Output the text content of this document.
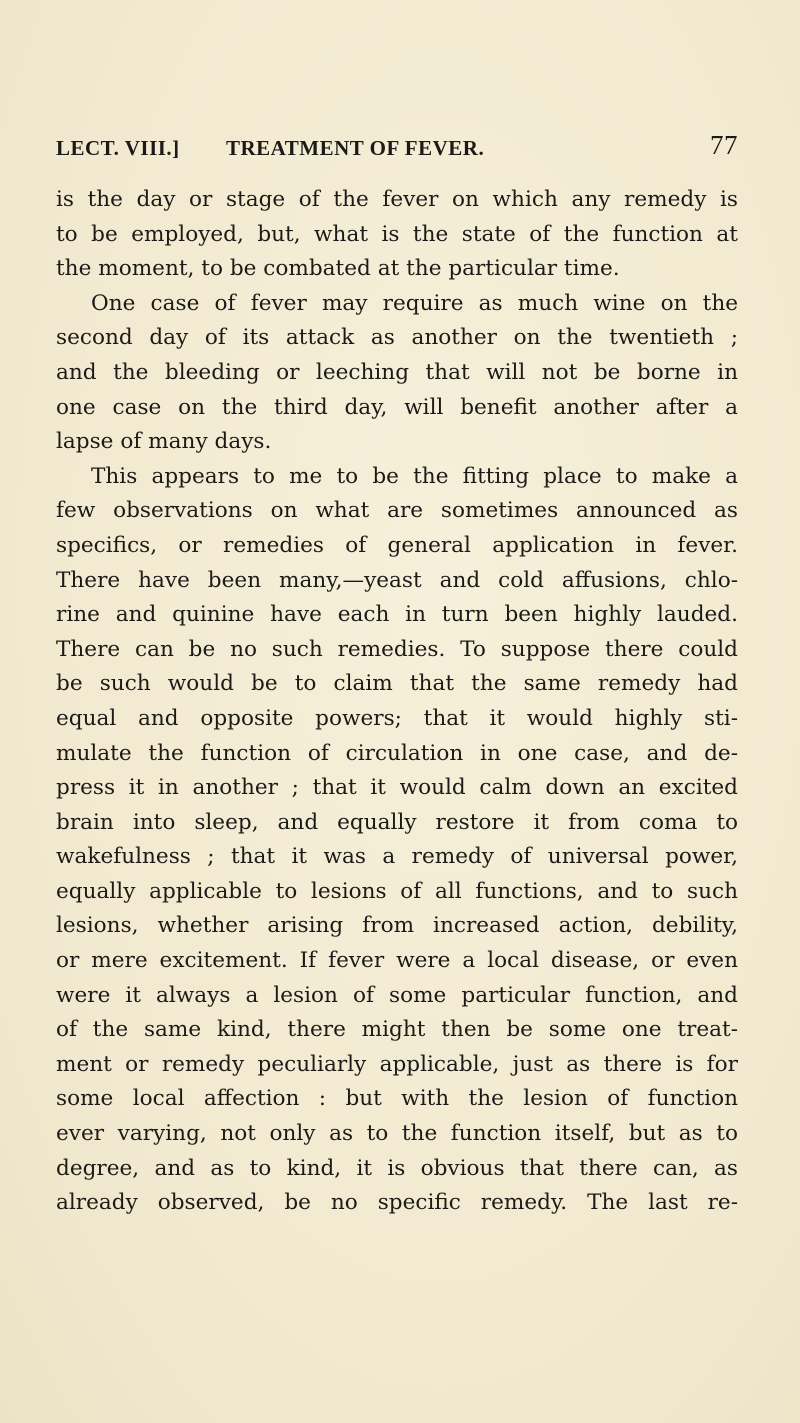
LECT. VIII.] TREATMENT OF FEVER.	77
is the day or stage of the fever on which any remedy is
to be employed, but, what is the state of the function at
the moment, to be combated at the particular time.
One case of fever may require as much wine on the
second day of its attack as another on the twentieth ;
and the bleeding or leeching that will not be borne in
one case on the third day, will benefit another after a
lapse of many days.
This appears to me to be the fitting place to make a
few observations on what are sometimes announced as
specifics, or remedies of general application in fever.
There have been many,—yeast and cold affusions, chlo-
rine and quinine have each in turn been highly lauded.
There can be no such remedies. To suppose there could
be such would be to claim that the same remedy had
equal and opposite powers; that it would highly sti-
mulate the function of circulation in one case, and de-
press it in another ; that it would calm down an excited
brain into sleep, and equally restore it from coma to
wakefulness ; that it was a remedy of universal power,
equally applicable to lesions of all functions, and to such
lesions, whether arising from increased action, debility,
or mere excitement. If fever were a local disease, or even
were it always a lesion of some particular function, and
of the same kind, there might then be some one treat-
ment or remedy peculiarly applicable, just as there is for
some local affection : but with the lesion of function
ever varying, not only as to the function itself, but as to
degree, and as to kind, it is obvious that there can, as
already observed, be no specific remedy. The last re-
